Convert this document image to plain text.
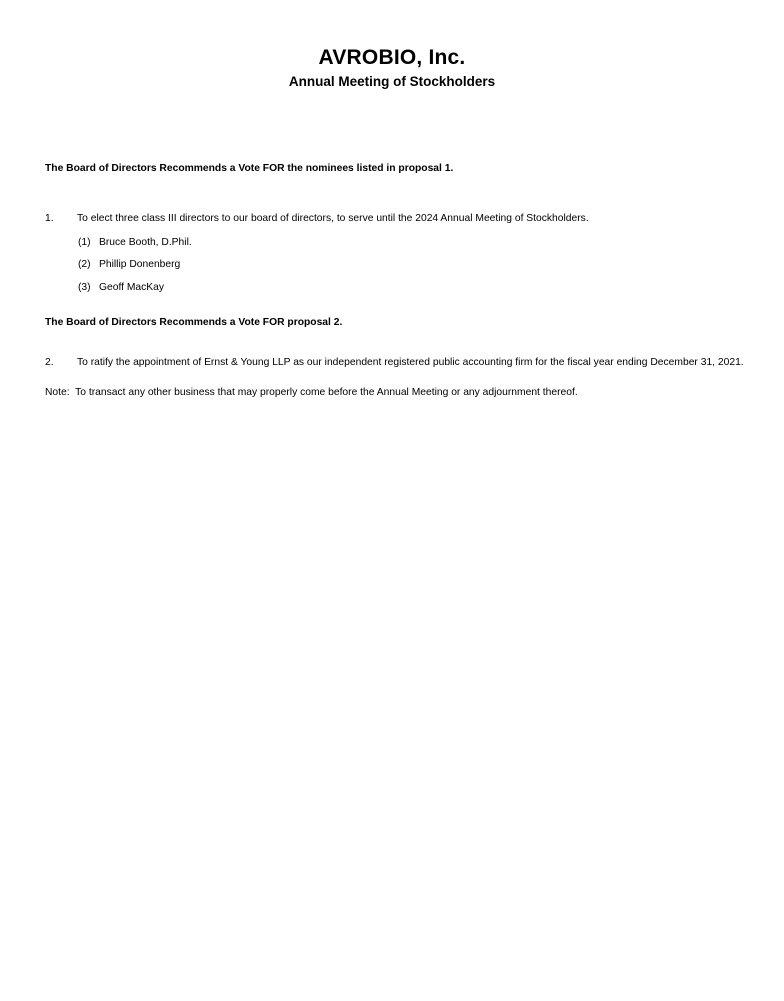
AVROBIO, Inc.
Annual Meeting of Stockholders
The Board of Directors Recommends a Vote FOR the nominees listed in proposal 1.
1. To elect three class III directors to our board of directors, to serve until the 2024 Annual Meeting of Stockholders.
(1) Bruce Booth, D.Phil.
(2) Phillip Donenberg
(3) Geoff MacKay
The Board of Directors Recommends a Vote FOR proposal 2.
2. To ratify the appointment of Ernst & Young LLP as our independent registered public accounting firm for the fiscal year ending December 31, 2021.
Note:  To transact any other business that may properly come before the Annual Meeting or any adjournment thereof.
